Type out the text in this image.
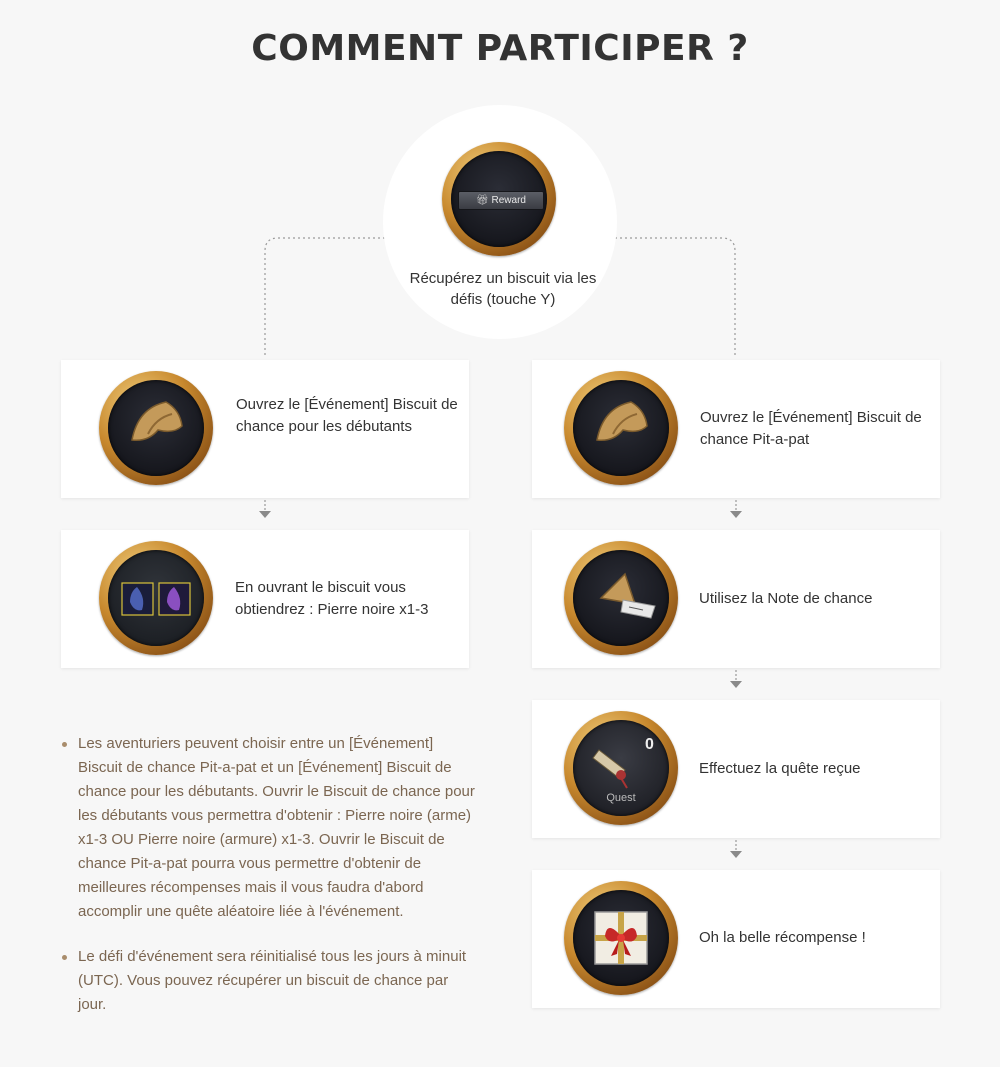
COMMENT PARTICIPER ?
🎁︎ Reward
Récupérez un biscuit via les défis (touche Y)
Ouvrez le [Événement] Biscuit de chance pour les débutants
En ouvrant le biscuit vous obtiendrez : Pierre noire x1-3
Les aventuriers peuvent choisir entre un [Événement] Biscuit de chance Pit-a-pat et un [Événement] Biscuit de chance pour les débutants. Ouvrir le Biscuit de chance pour les débutants vous permettra d'obtenir : Pierre noire (arme) x1-3 OU Pierre noire (armure) x1-3. Ouvrir le Biscuit de chance Pit-a-pat pourra vous permettre d'obtenir de meilleures récompenses mais il vous faudra d'abord accomplir une quête aléatoire liée à l'événement.
Le défi d'événement sera réinitialisé tous les jours à minuit (UTC). Vous pouvez récupérer un biscuit de chance par jour.
Ouvrez le [Événement] Biscuit de chance Pit-a-pat
Utilisez la Note de chance
0
Quest
Effectuez la quête reçue
Oh la belle récompense !
